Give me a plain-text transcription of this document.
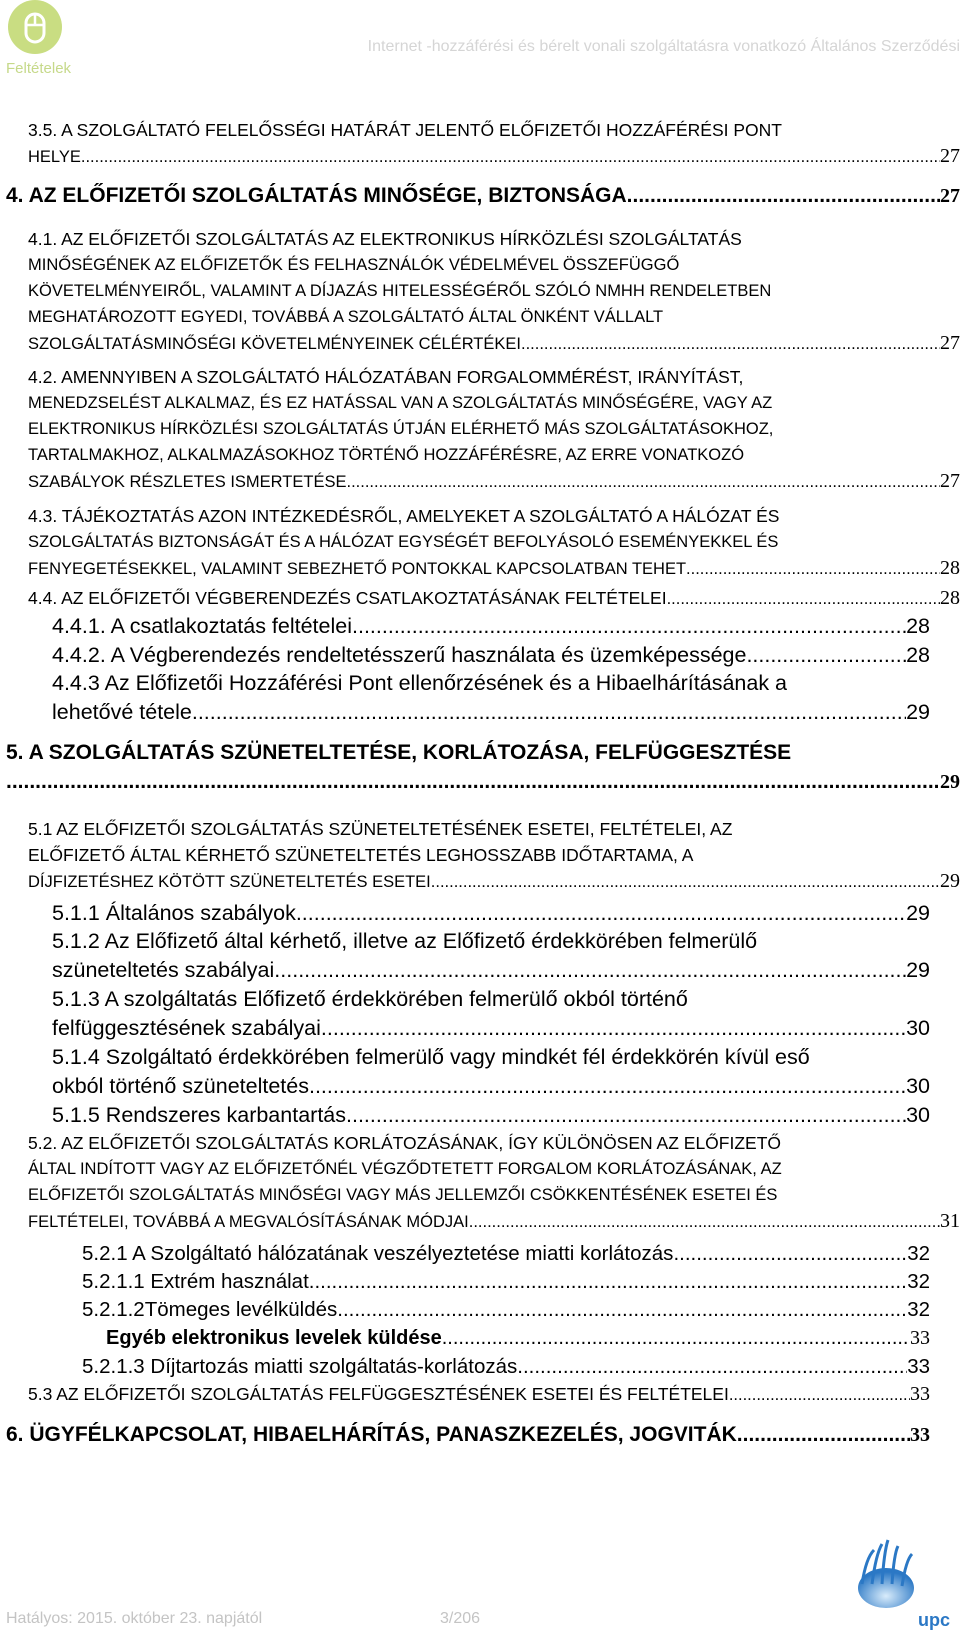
Feltételek
Internet -hozzáférési és bérelt vonali szolgáltatásra vonatkozó Általános Szerződési
3.5. A SZOLGÁLTATÓ FELELŐSSÉGI HATÁRÁT JELENTŐ ELŐFIZETŐI HOZZÁFÉRÉSI PONT
HELYE .....	27
4. AZ ELŐFIZETŐI SZOLGÁLTATÁS MINŐSÉGE, BIZTONSÁGA .....	27
4.1. AZ ELŐFIZETŐI SZOLGÁLTATÁS AZ ELEKTRONIKUS HÍRKÖZLÉSI SZOLGÁLTATÁS
MINŐSÉGÉNEK AZ ELŐFIZETŐK ÉS FELHASZNÁLÓK VÉDELMÉVEL ÖSSZEFÜGGŐ
KÖVETELMÉNYEIRŐL, VALAMINT A DÍJAZÁS HITELESSÉGÉRŐL SZÓLÓ NMHH RENDELETBEN
MEGHATÁROZOTT EGYEDI, TOVÁBBÁ A SZOLGÁLTATÓ ÁLTAL ÖNKÉNT VÁLLALT
SZOLGÁLTATÁSMINŐSÉGI KÖVETELMÉNYEINEK CÉLÉRTÉKEI .....	27
4.2. AMENNYIBEN A SZOLGÁLTATÓ HÁLÓZATÁBAN FORGALOMMÉRÉST, IRÁNYÍTÁST,
MENEDZSELÉST ALKALMAZ, ÉS EZ HATÁSSAL VAN A SZOLGÁLTATÁS MINŐSÉGÉRE, VAGY AZ
ELEKTRONIKUS HÍRKÖZLÉSI SZOLGÁLTATÁS ÚTJÁN ELÉRHETŐ MÁS SZOLGÁLTATÁSOKHOZ,
TARTALMAKHOZ, ALKALMAZÁSOKHOZ TÖRTÉNŐ HOZZÁFÉRÉSRE, AZ ERRE VONATKOZÓ
SZABÁLYOK RÉSZLETES ISMERTETÉSE .....	27
4.3. TÁJÉKOZTATÁS AZON INTÉZKEDÉSRŐL, AMELYEKET A SZOLGÁLTATÓ A HÁLÓZAT ÉS
SZOLGÁLTATÁS BIZTONSÁGÁT ÉS A HÁLÓZAT EGYSÉGÉT BEFOLYÁSOLÓ ESEMÉNYEKKEL ÉS
FENYEGETÉSEKKEL, VALAMINT SEBEZHETŐ PONTOKKAL KAPCSOLATBAN TEHET .....	28
4.4. AZ ELŐFIZETŐI VÉGBERENDEZÉS CSATLAKOZTATÁSÁNAK FELTÉTELEI .....	28
4.4.1. A csatlakoztatás feltételei .....	28
4.4.2. A Végberendezés rendeltetésszerű használata és üzemképessége .....	28
4.4.3 Az Előfizetői Hozzáférési Pont ellenőrzésének és a Hibaelhárításának a
lehetővé tétele .....	29
5. A SZOLGÁLTATÁS SZÜNETELTETÉSE, KORLÁTOZÁSA, FELFÜGGESZTÉSE
.....
29
5.1 AZ ELŐFIZETŐI SZOLGÁLTATÁS SZÜNETELTETÉSÉNEK ESETEI, FELTÉTELEI, AZ
ELŐFIZETŐ ÁLTAL KÉRHETŐ SZÜNETELTETÉS LEGHOSSZABB IDŐTARTAMA, A
DÍJFIZETÉSHEZ KÖTÖTT SZÜNETELTETÉS ESETEI .....	29
5.1.1 Általános szabályok .....	29
5.1.2 Az Előfizető által kérhető, illetve az Előfizető érdekkörében felmerülő
szüneteltetés szabályai .....	29
5.1.3 A szolgáltatás Előfizető érdekkörében felmerülő okból történő
felfüggesztésének szabályai .....	30
5.1.4 Szolgáltató érdekkörében felmerülő vagy mindkét fél érdekkörén kívül eső
okból történő szüneteltetés .....	30
5.1.5 Rendszeres karbantartás .....	30
5.2. AZ ELŐFIZETŐI SZOLGÁLTATÁS KORLÁTOZÁSÁNAK, ÍGY KÜLÖNÖSEN AZ ELŐFIZETŐ
ÁLTAL INDÍTOTT VAGY AZ ELŐFIZETŐNÉL VÉGZŐDTETETT FORGALOM KORLÁTOZÁSÁNAK, AZ
ELŐFIZETŐI SZOLGÁLTATÁS MINŐSÉGI VAGY MÁS JELLEMZŐI CSÖKKENTÉSÉNEK ESETEI ÉS
FELTÉTELEI, TOVÁBBÁ A MEGVALÓSÍTÁSÁNAK MÓDJAI .....	31
5.2.1 A Szolgáltató hálózatának veszélyeztetése miatti korlátozás .....	32
5.2.1.1 Extrém használat .....	32
5.2.1.2Tömeges levélküldés .....	32
Egyéb elektronikus levelek küldése .....	33
5.2.1.3 Díjtartozás miatti szolgáltatás-korlátozás .....	33
5.3 AZ ELŐFIZETŐI SZOLGÁLTATÁS FELFÜGGESZTÉSÉNEK ESETEI ÉS FELTÉTELEI .....	33
6. ÜGYFÉLKAPCSOLAT, HIBAELHÁRÍTÁS, PANASZKEZELÉS, JOGVITÁK .....	33
Hatályos: 2015. október 23. napjától	3/206	upc
